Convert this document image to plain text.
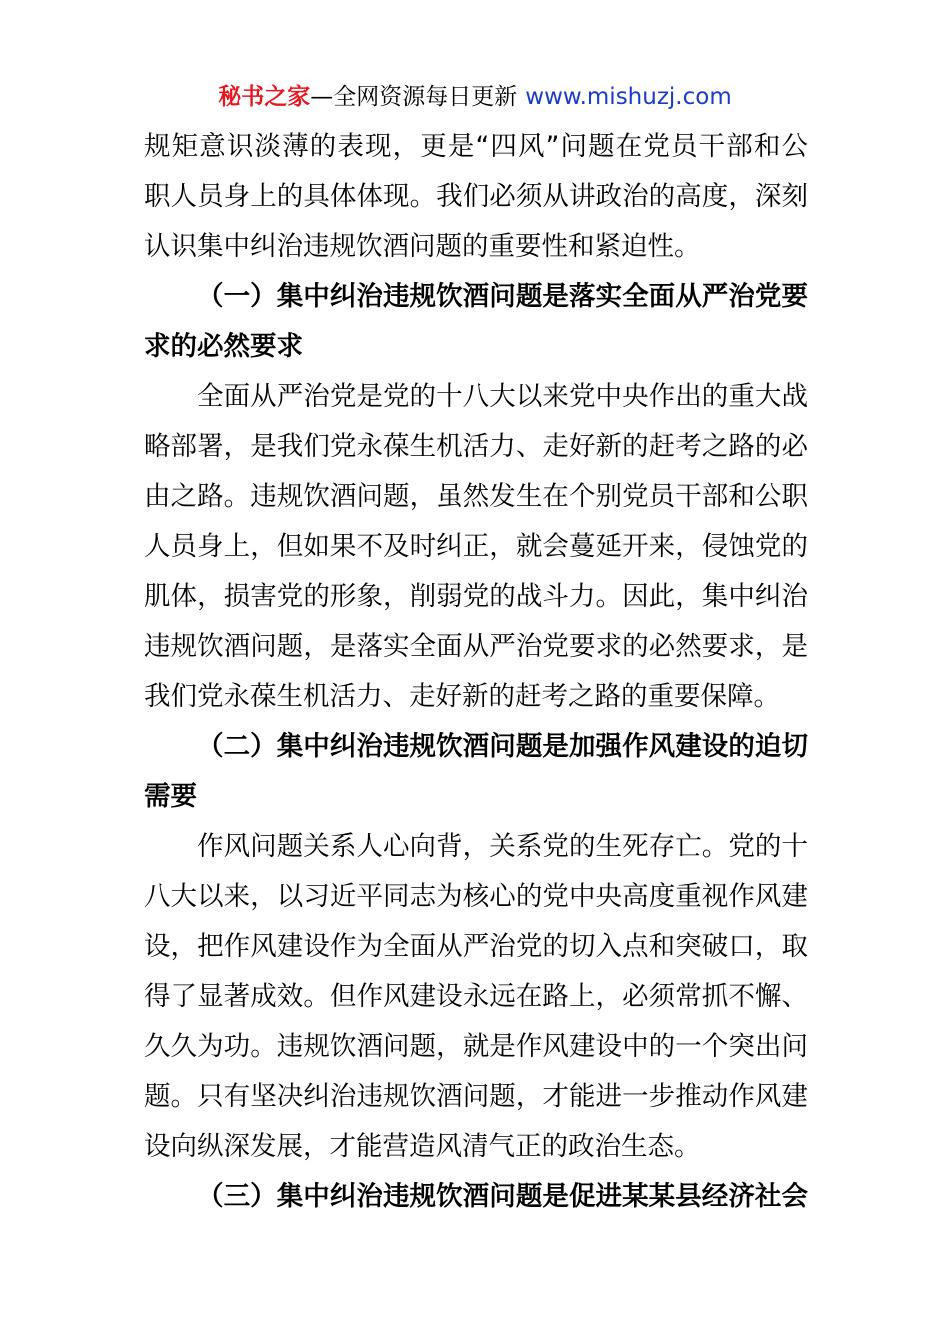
秘书之家—全网资源每日更新 www.mishuzj.com
规矩意识淡薄的表现，更是“四风”问题在党员干部和公
职人员身上的具体体现。我们必须从讲政治的高度，深刻
认识集中纠治违规饮酒问题的重要性和紧迫性。
（一）集中纠治违规饮酒问题是落实全面从严治党要
求的必然要求
全面从严治党是党的十八大以来党中央作出的重大战
略部署，是我们党永葆生机活力、走好新的赶考之路的必
由之路。违规饮酒问题，虽然发生在个别党员干部和公职
人员身上，但如果不及时纠正，就会蔓延开来，侵蚀党的
肌体，损害党的形象，削弱党的战斗力。因此，集中纠治
违规饮酒问题，是落实全面从严治党要求的必然要求，是
我们党永葆生机活力、走好新的赶考之路的重要保障。
（二）集中纠治违规饮酒问题是加强作风建设的迫切
需要
作风问题关系人心向背，关系党的生死存亡。党的十
八大以来，以习近平同志为核心的党中央高度重视作风建
设，把作风建设作为全面从严治党的切入点和突破口，取
得了显著成效。但作风建设永远在路上，必须常抓不懈、
久久为功。违规饮酒问题，就是作风建设中的一个突出问
题。只有坚决纠治违规饮酒问题，才能进一步推动作风建
设向纵深发展，才能营造风清气正的政治生态。
（三）集中纠治违规饮酒问题是促进某某县经济社会
